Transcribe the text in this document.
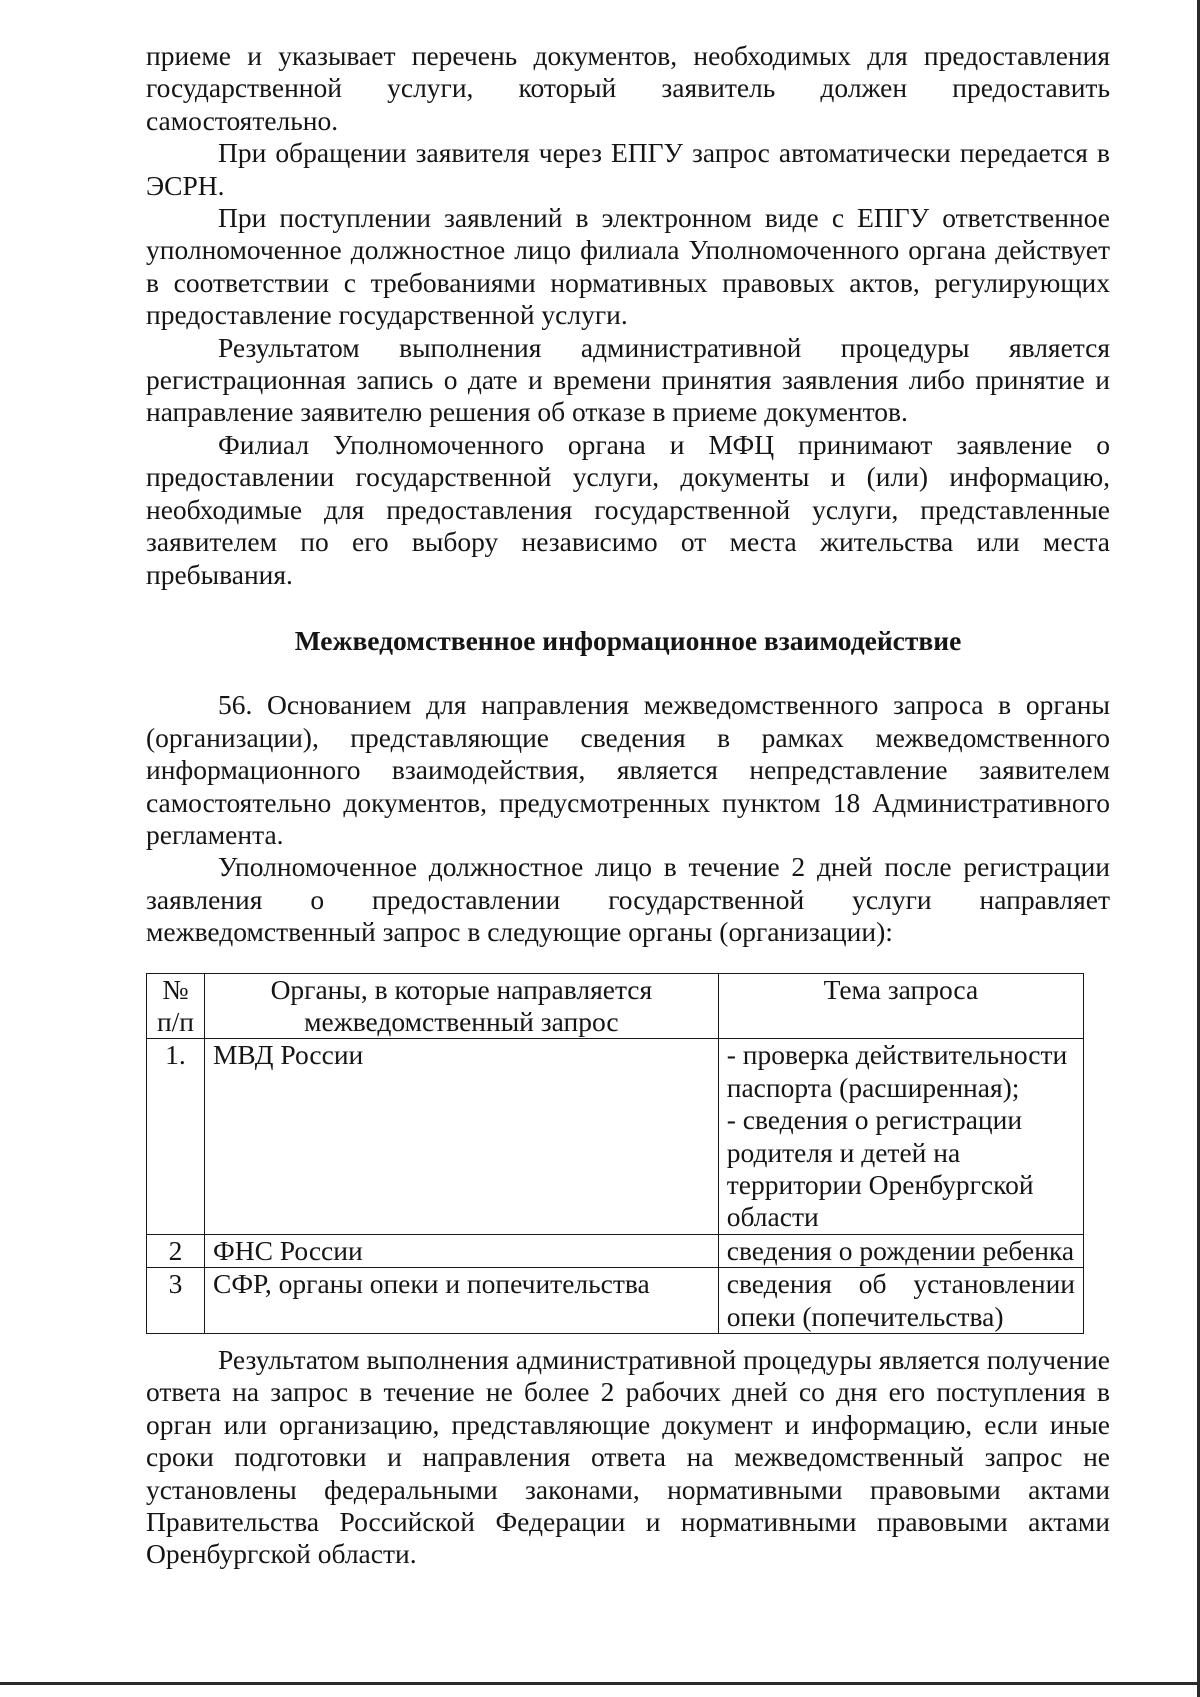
приеме и указывает перечень документов, необходимых для предоставления государственной услуги, который заявитель должен предоставить самостоятельно.

При обращении заявителя через ЕПГУ запрос автоматически передается в ЭСРН.

При поступлении заявлений в электронном виде с ЕПГУ ответственное уполномоченное должностное лицо филиала Уполномоченного органа действует в соответствии с требованиями нормативных правовых актов, регулирующих предоставление государственной услуги.

Результатом выполнения административной процедуры является регистрационная запись о дате и времени принятия заявления либо принятие и направление заявителю решения об отказе в приеме документов.

Филиал Уполномоченного органа и МФЦ принимают заявление о предоставлении государственной услуги, документы и (или) информацию, необходимые для предоставления государственной услуги, представленные заявителем по его выбору независимо от места жительства или места пребывания.

Межведомственное информационное взаимодействие

56. Основанием для направления межведомственного запроса в органы (организации), представляющие сведения в рамках межведомственного информационного взаимодействия, является непредставление заявителем самостоятельно документов, предусмотренных пунктом 18 Административного регламента.

Уполномоченное должностное лицо в течение 2 дней после регистрации заявления о предоставлении государственной услуги направляет межведомственный запрос в следующие органы (организации):

№ п/п	Органы, в которые направляется межведомственный запрос	Тема запроса
1.	МВД России	- проверка действительности паспорта (расширенная);
- сведения о регистрации родителя и детей на территории Оренбургской области

2	ФНС России	сведения о рождении ребенка

3	СФР, органы опеки и попечительства	сведения об установлении опеки (попечительства)

Результатом выполнения административной процедуры является получение ответа на запрос в течение не более 2 рабочих дней со дня его поступления в орган или организацию, представляющие документ и информацию, если иные сроки подготовки и направления ответа на межведомственный запрос не установлены федеральными законами, нормативными правовыми актами Правительства Российской Федерации и нормативными правовыми актами Оренбургской области.
